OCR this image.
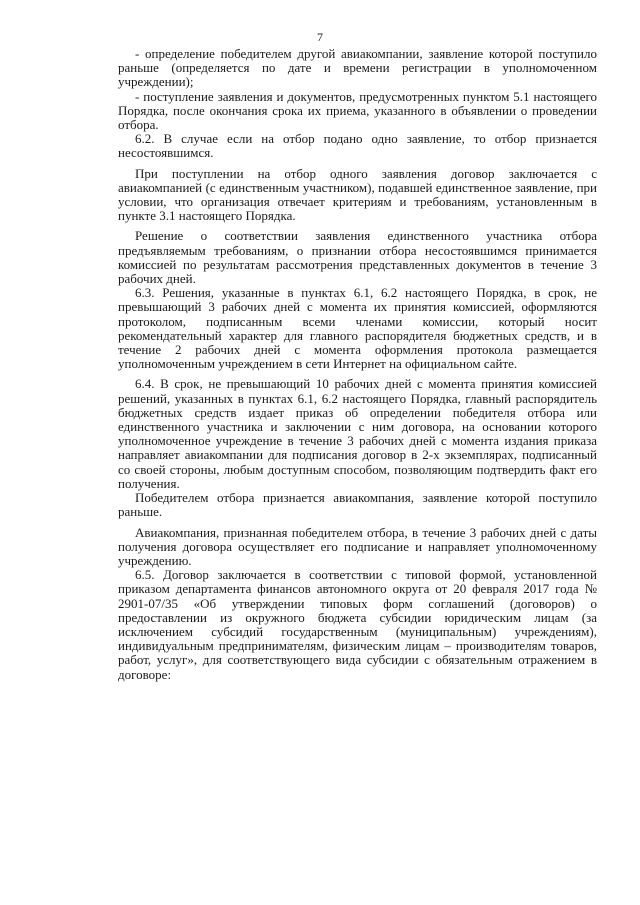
7

- определение победителем другой авиакомпании, заявление которой поступило раньше (определяется по дате и времени регистрации в уполномоченном учреждении);

- поступление заявления и документов, предусмотренных пунктом 5.1 настоящего Порядка, после окончания срока их приема, указанного в объявлении о проведении отбора.

6.2. В случае если на отбор подано одно заявление, то отбор признается несостоявшимся.

При поступлении на отбор одного заявления договор заключается с авиакомпанией (с единственным участником), подавшей единственное заявление, при условии, что организация отвечает критериям и требованиям, установленным в пункте 3.1 настоящего Порядка.

Решение о соответствии заявления единственного участника отбора предъявляемым требованиям, о признании отбора несостоявшимся принимается комиссией по результатам рассмотрения представленных документов в течение 3 рабочих дней.

6.3. Решения, указанные в пунктах 6.1, 6.2 настоящего Порядка, в срок, не превышающий 3 рабочих дней с момента их принятия комиссией, оформляются протоколом, подписанным всеми членами комиссии, который носит рекомендательный характер для главного распорядителя бюджетных средств, и в течение 2 рабочих дней с момента оформления протокола размещается уполномоченным учреждением в сети Интернет на официальном сайте.

6.4. В срок, не превышающий 10 рабочих дней с момента принятия комиссией решений, указанных в пунктах 6.1, 6.2 настоящего Порядка, главный распорядитель бюджетных средств издает приказ об определении победителя отбора или единственного участника и заключении с ним договора, на основании которого уполномоченное учреждение в течение 3 рабочих дней с момента издания приказа направляет авиакомпании для подписания договор в 2-х экземплярах, подписанный со своей стороны, любым доступным способом, позволяющим подтвердить факт его получения.

Победителем отбора признается авиакомпания, заявление которой поступило раньше.

Авиакомпания, признанная победителем отбора, в течение 3 рабочих дней с даты получения договора осуществляет его подписание и направляет уполномоченному учреждению.

6.5. Договор заключается в соответствии с типовой формой, установленной приказом департамента финансов автономного округа от 20 февраля 2017 года № 2901-07/35 «Об утверждении типовых форм соглашений (договоров) о предоставлении из окружного бюджета субсидии юридическим лицам (за исключением субсидий государственным (муниципальным) учреждениям), индивидуальным предпринимателям, физическим лицам – производителям товаров, работ, услуг», для соответствующего вида субсидии с обязательным отражением в договоре:
